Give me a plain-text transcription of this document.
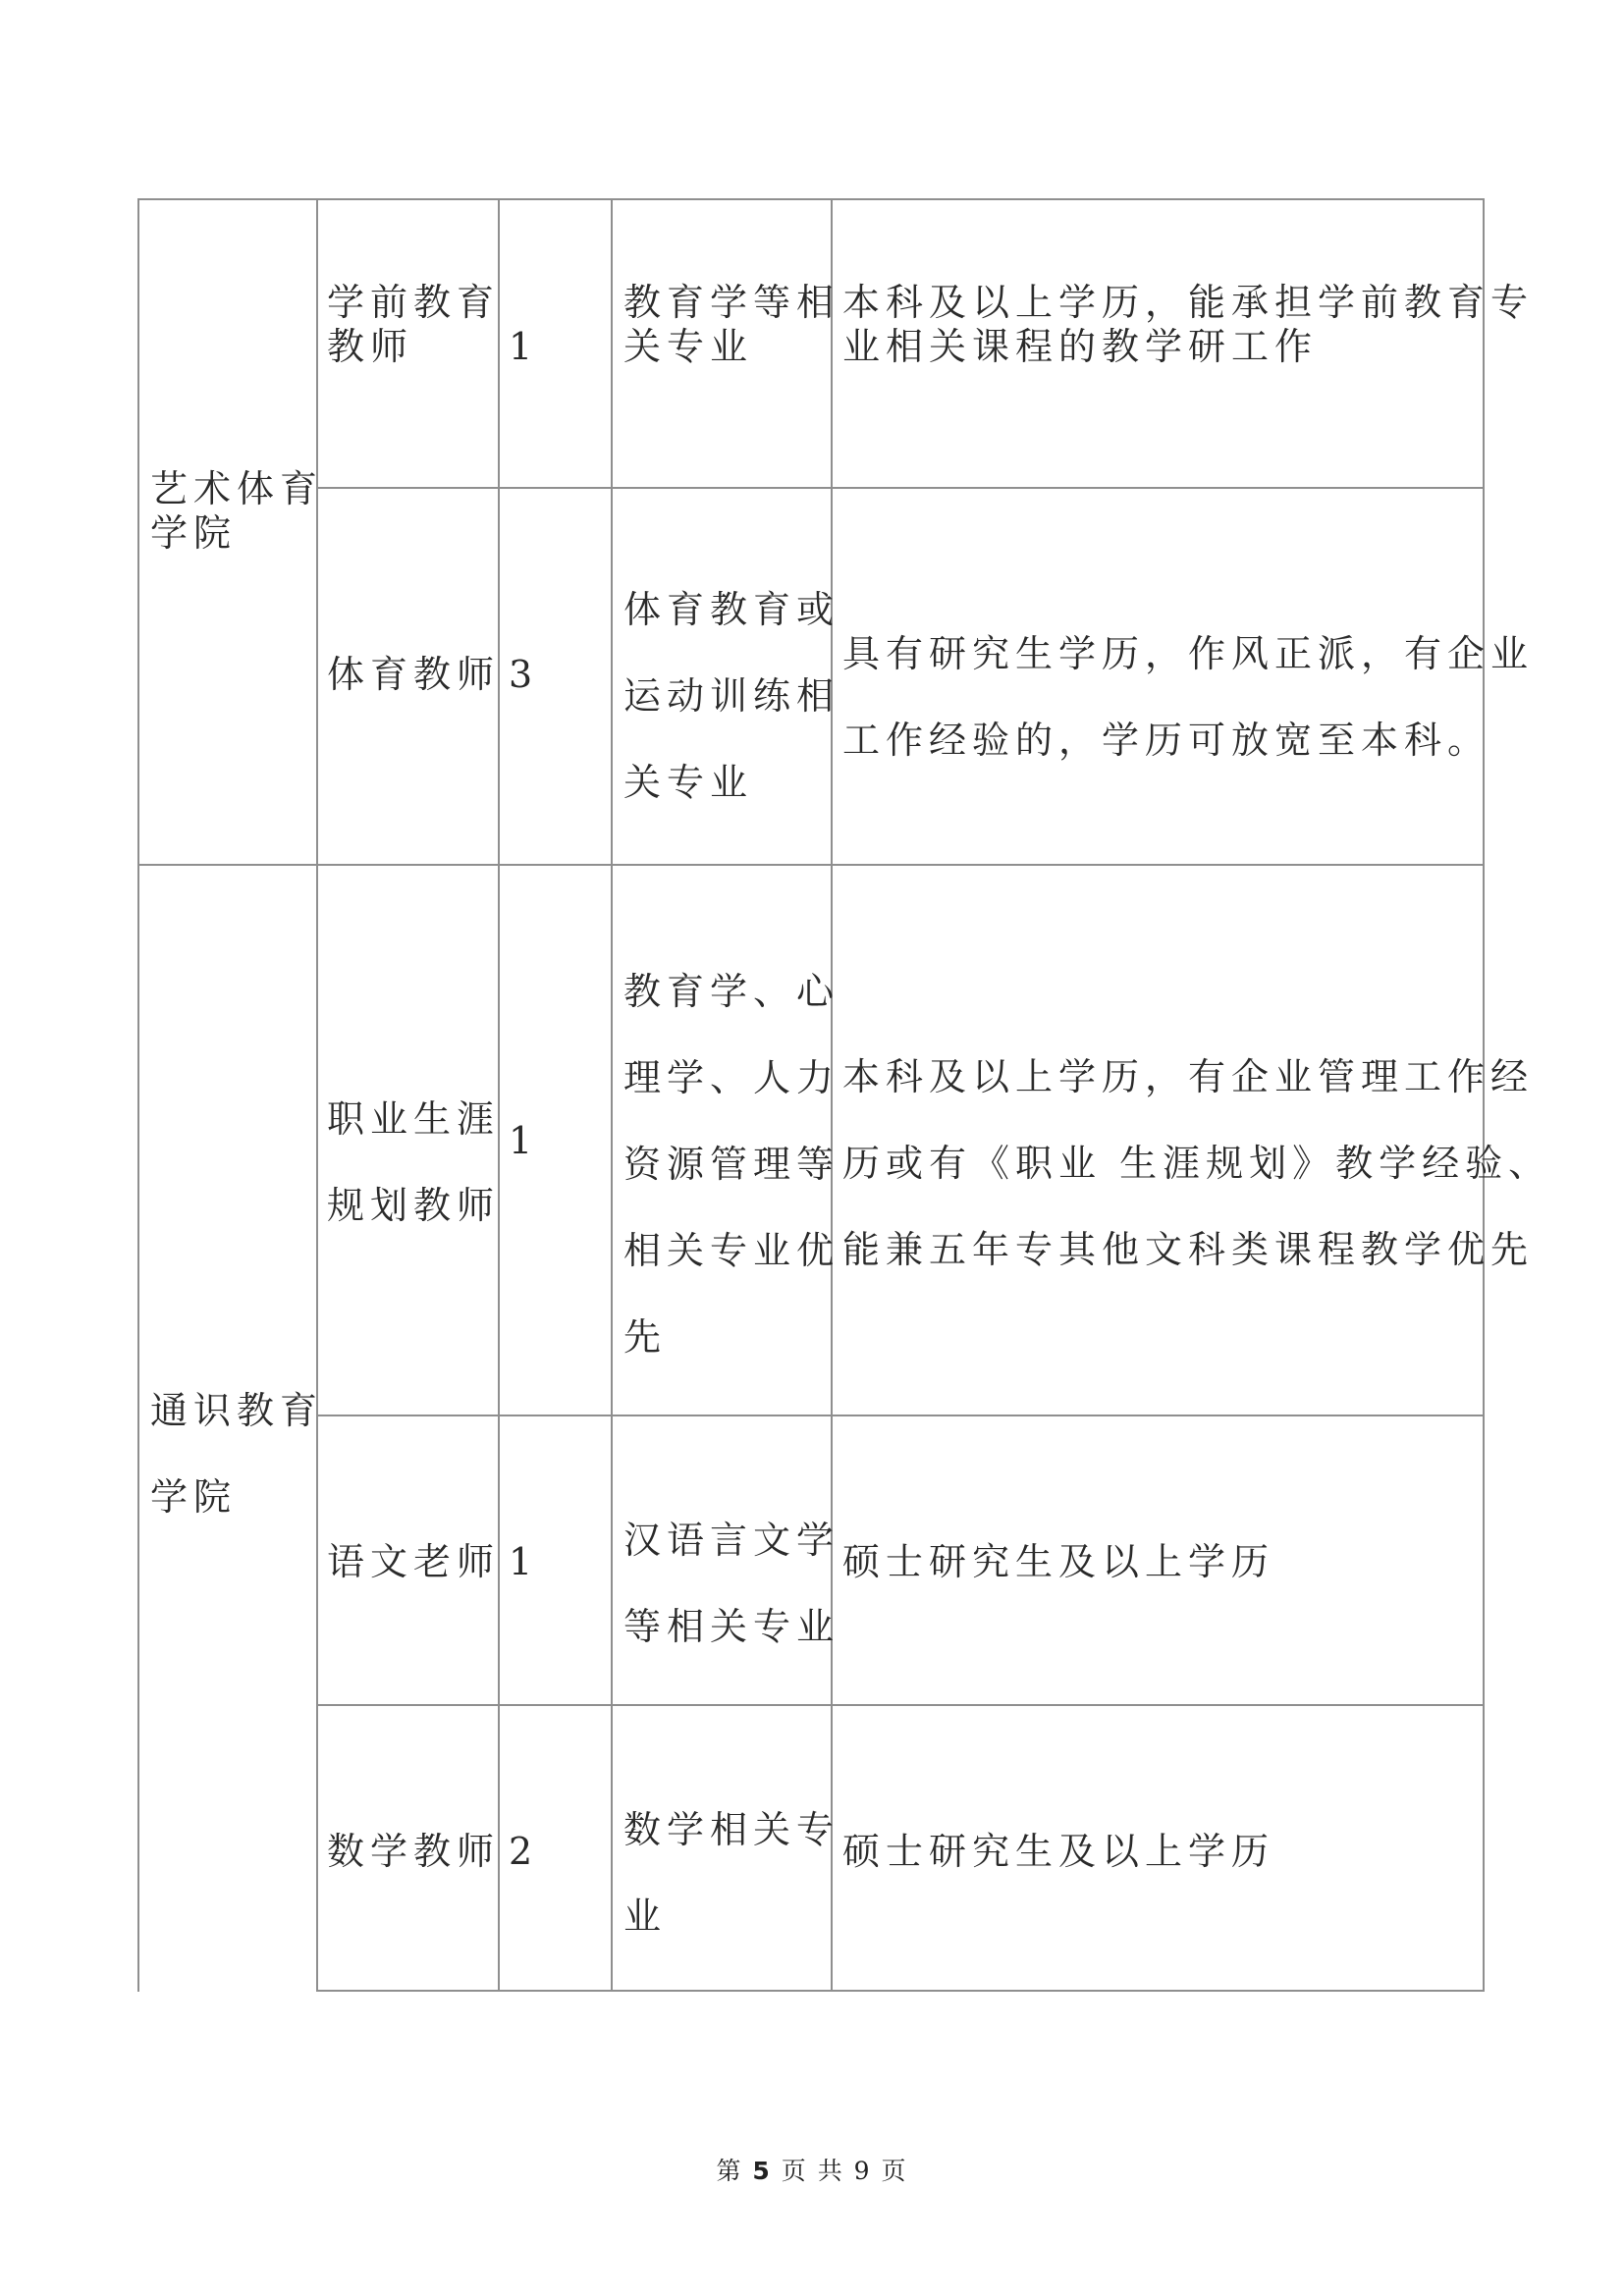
艺术体育
学院

学前教育
教师	1

教育学等相
关专业

本科及以上学历，能承担学前教育专
业相关课程的教学研工作

体育教师 3

体育教育或
运动训练相
关专业

具有研究生学历，作风正派，有企业
工作经验的，学历可放宽至本科。

通识教育
学院

职业生涯
规划教师

1

教育学、心
理学、人力
资源管理等
相关专业优
先

本科及以上学历，有企业管理工作经
历或有《职业 生涯规划》教学经验、
能兼五年专其他文科类课程教学优先

语文老师 1 汉语言文学
等相关专业

硕士研究生及以上学历

数学教师 2 数学相关专
业

硕士研究生及以上学历

第 5 页 共 9 页
